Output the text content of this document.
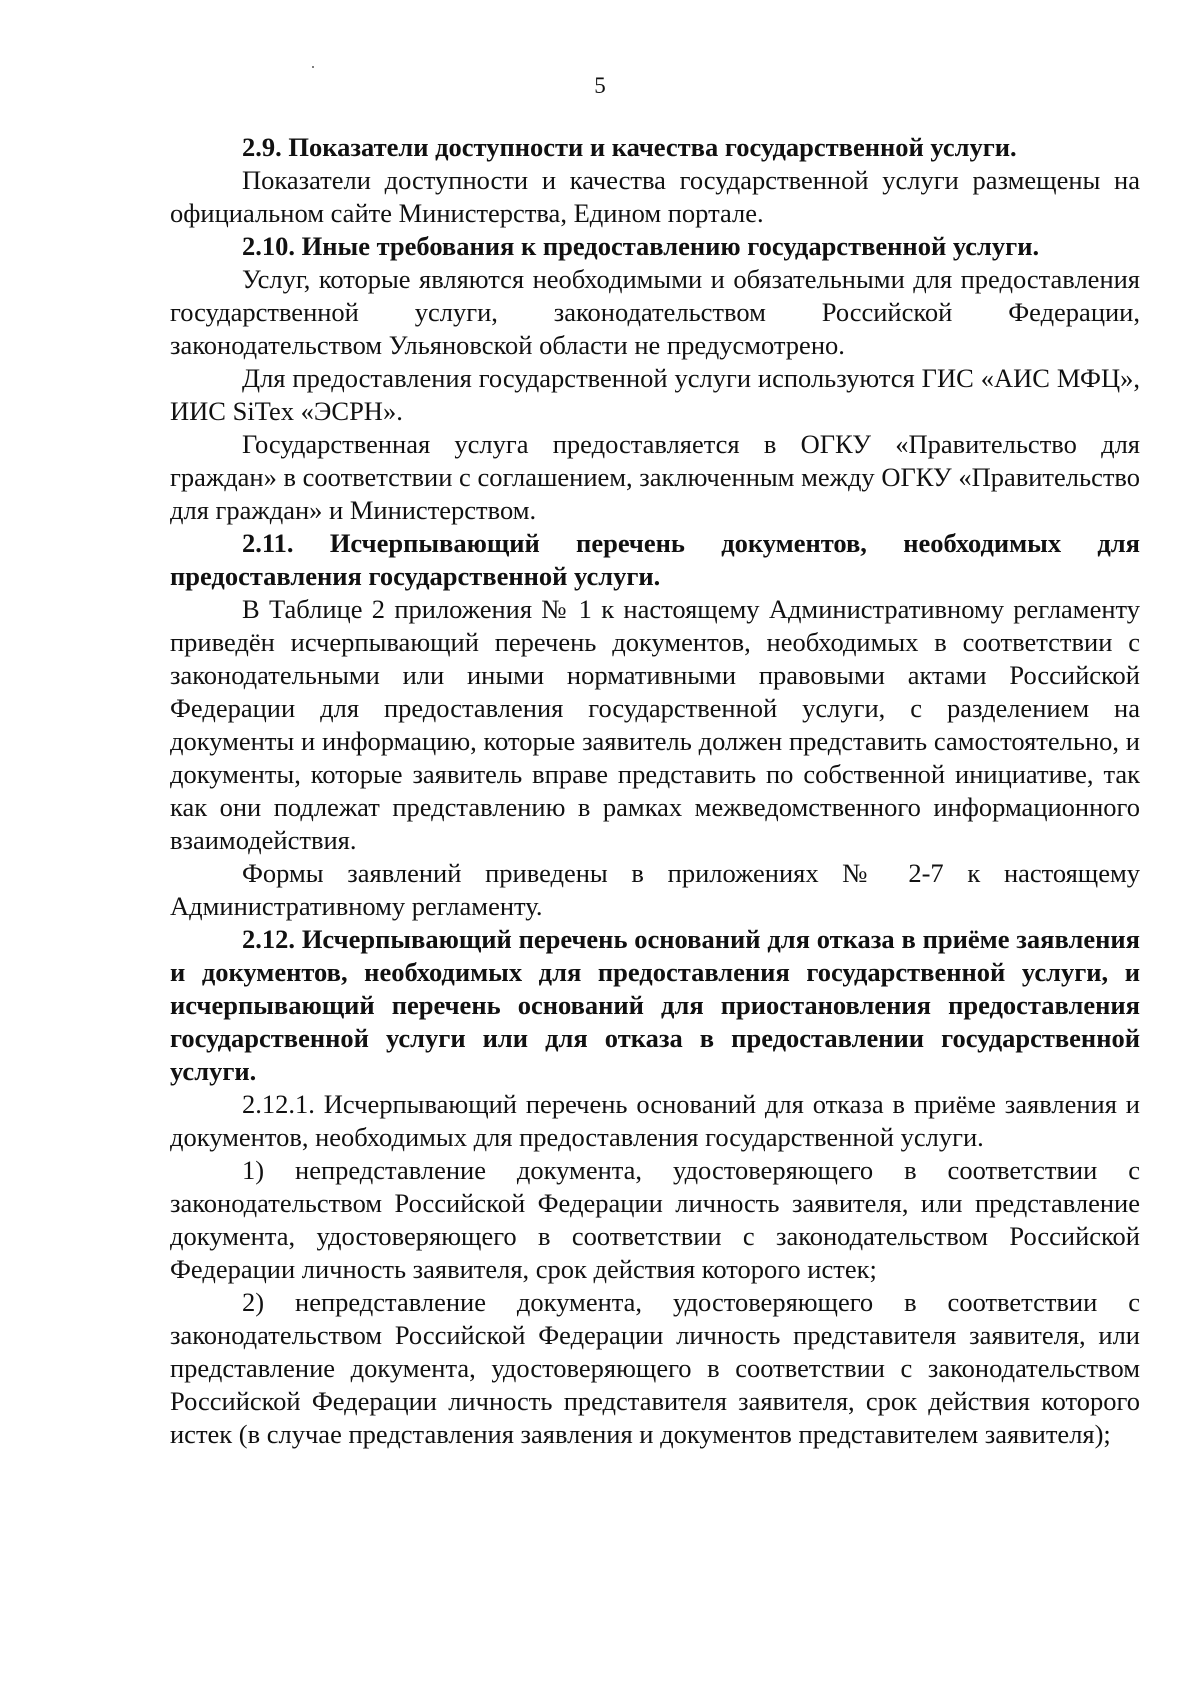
5

2.9. Показатели доступности и качества государственной услуги.

Показатели доступности и качества государственной услуги размещены на официальном сайте Министерства, Едином портале.

2.10. Иные требования к предоставлению государственной услуги.

Услуг, которые являются необходимыми и обязательными для предоставления государственной услуги, законодательством Российской Федерации, законодательством Ульяновской области не предусмотрено.

Для предоставления государственной услуги используются ГИС «АИС МФЦ», ИИС SiTex «ЭСРН».

Государственная услуга предоставляется в ОГКУ «Правительство для граждан» в соответствии с соглашением, заключенным между ОГКУ «Правительство для граждан» и Министерством.

2.11. Исчерпывающий перечень документов, необходимых для предоставления государственной услуги.

В Таблице 2 приложения № 1 к настоящему Административному регламенту приведён исчерпывающий перечень документов, необходимых в соответствии с законодательными или иными нормативными правовыми актами Российской Федерации для предоставления государственной услуги, с разделением на документы и информацию, которые заявитель должен представить самостоятельно, и документы, которые заявитель вправе представить по собственной инициативе, так как они подлежат представлению в рамках межведомственного информационного взаимодействия.

Формы заявлений приведены в приложениях № 2-7 к настоящему Административному регламенту.

2.12. Исчерпывающий перечень оснований для отказа в приёме заявления и документов, необходимых для предоставления государственной услуги, и исчерпывающий перечень оснований для приостановления предоставления государственной услуги или для отказа в предоставлении государственной услуги.

2.12.1. Исчерпывающий перечень оснований для отказа в приёме заявления и документов, необходимых для предоставления государственной услуги.

1) непредставление документа, удостоверяющего в соответствии с законодательством Российской Федерации личность заявителя, или представление документа, удостоверяющего в соответствии с законодательством Российской Федерации личность заявителя, срок действия которого истек;

2) непредставление документа, удостоверяющего в соответствии с законодательством Российской Федерации личность представителя заявителя, или представление документа, удостоверяющего в соответствии с законодательством Российской Федерации личность представителя заявителя, срок действия которого истек (в случае представления заявления и документов представителем заявителя);
